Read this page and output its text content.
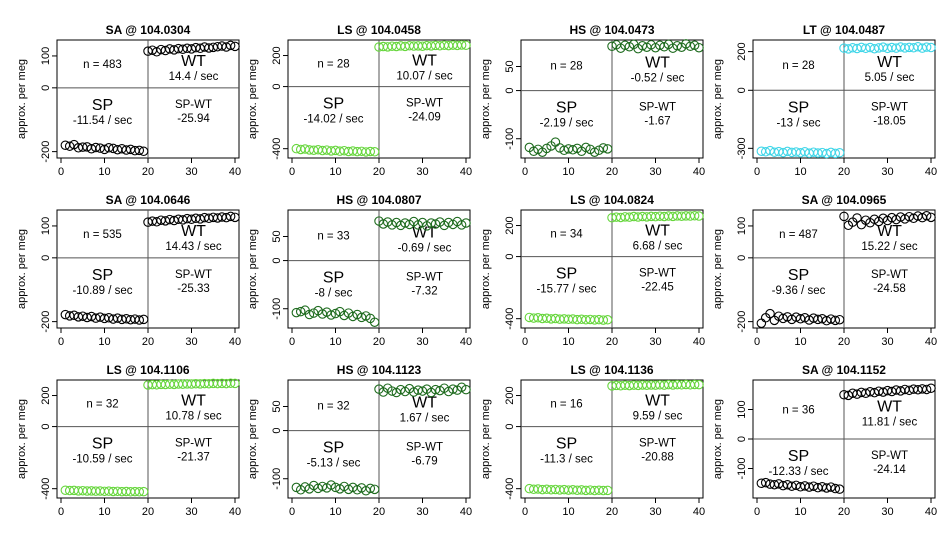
SA @ 104.0304
0	10	20	30	40
-200
0
100
approx. per meg	n = 483	WT
14.4 / sec
SP
-11.54 / sec
SP-WT
-25.94
LS @ 104.0458
0	10	20	30	40
-400
0
200
approx. per meg	n = 28	WT
10.07 / sec
SP
-14.02 / sec
SP-WT
-24.09
HS @ 104.0473
0	10	20	30	40
-100
0
50
approx. per meg	n = 28	WT
-0.52 / sec
SP
-2.19 / sec
SP-WT
-1.67
LT @ 104.0487
0	10	20	30	40
-300
0
200
approx. per meg	n = 28	WT
5.05 / sec
SP
-13 / sec
SP-WT
-18.05
SA @ 104.0646
0	10	20	30	40
-200
0
100
approx. per meg	n = 535	WT
14.43 / sec
SP
-10.89 / sec
SP-WT
-25.33
HS @ 104.0807
0	10	20	30	40
-100
0
50
approx. per meg	n = 33	WT
-0.69 / sec
SP
-8 / sec
SP-WT
-7.32
LS @ 104.0824
0	10	20	30	40
-400
0
200
approx. per meg	n = 34	WT
6.68 / sec
SP
-15.77 / sec
SP-WT
-22.45
SA @ 104.0965
0	10	20	30	40
-200
0
100
approx. per meg	n = 487	WT
15.22 / sec
SP
-9.36 / sec
SP-WT
-24.58
LS @ 104.1106
0	10	20	30	40
-400
0
200
approx. per meg	n = 32	WT
10.78 / sec
SP
-10.59 / sec
SP-WT
-21.37
HS @ 104.1123
0	10	20	30	40
-100
0
50
approx. per meg	n = 32	WT
1.67 / sec
SP
-5.13 / sec
SP-WT
-6.79
LS @ 104.1136
0	10	20	30	40
-400
0
200
approx. per meg	n = 16	WT
9.59 / sec
SP
-11.3 / sec
SP-WT
-20.88
SA @ 104.1152
0	10	20	30	40
-100
0
100
approx. per meg	n = 36	WT
11.81 / sec
SP
-12.33 / sec
SP-WT
-24.14
